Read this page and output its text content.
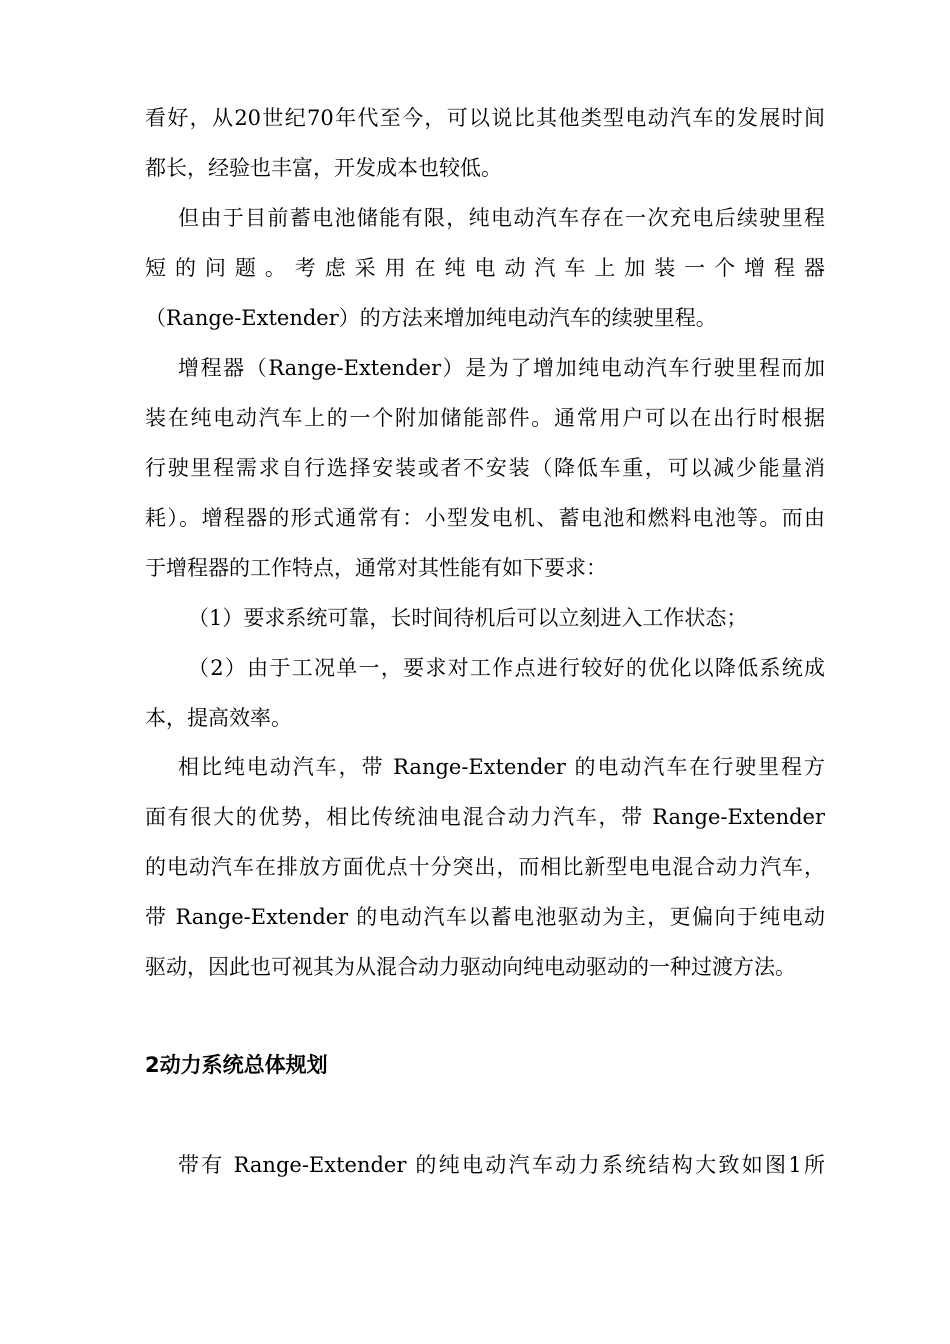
看好，从20世纪70年代至今，可以说比其他类型电动汽车的发展时间
都长，经验也丰富，开发成本也较低。
但由于目前蓄电池储能有限，纯电动汽车存在一次充电后续驶里程
短的问题。考虑采用在纯电动汽车上加装一个增程器
（Range-Extender）的方法来增加纯电动汽车的续驶里程。
增程器（Range-Extender）是为了增加纯电动汽车行驶里程而加
装在纯电动汽车上的一个附加储能部件。通常用户可以在出行时根据
行驶里程需求自行选择安装或者不安装（降低车重，可以减少能量消
耗）。增程器的形式通常有：小型发电机、蓄电池和燃料电池等。而由
于增程器的工作特点，通常对其性能有如下要求：
（1）要求系统可靠，长时间待机后可以立刻进入工作状态；
（2）由于工况单一，要求对工作点进行较好的优化以降低系统成
本，提高效率。
相比纯电动汽车，带 Range-Extender 的电动汽车在行驶里程方
面有很大的优势，相比传统油电混合动力汽车，带 Range-Extender
的电动汽车在排放方面优点十分突出，而相比新型电电混合动力汽车，
带 Range-Extender 的电动汽车以蓄电池驱动为主，更偏向于纯电动
驱动，因此也可视其为从混合动力驱动向纯电动驱动的一种过渡方法。
2动力系统总体规划
带有 Range-Extender 的纯电动汽车动力系统结构大致如图1所
